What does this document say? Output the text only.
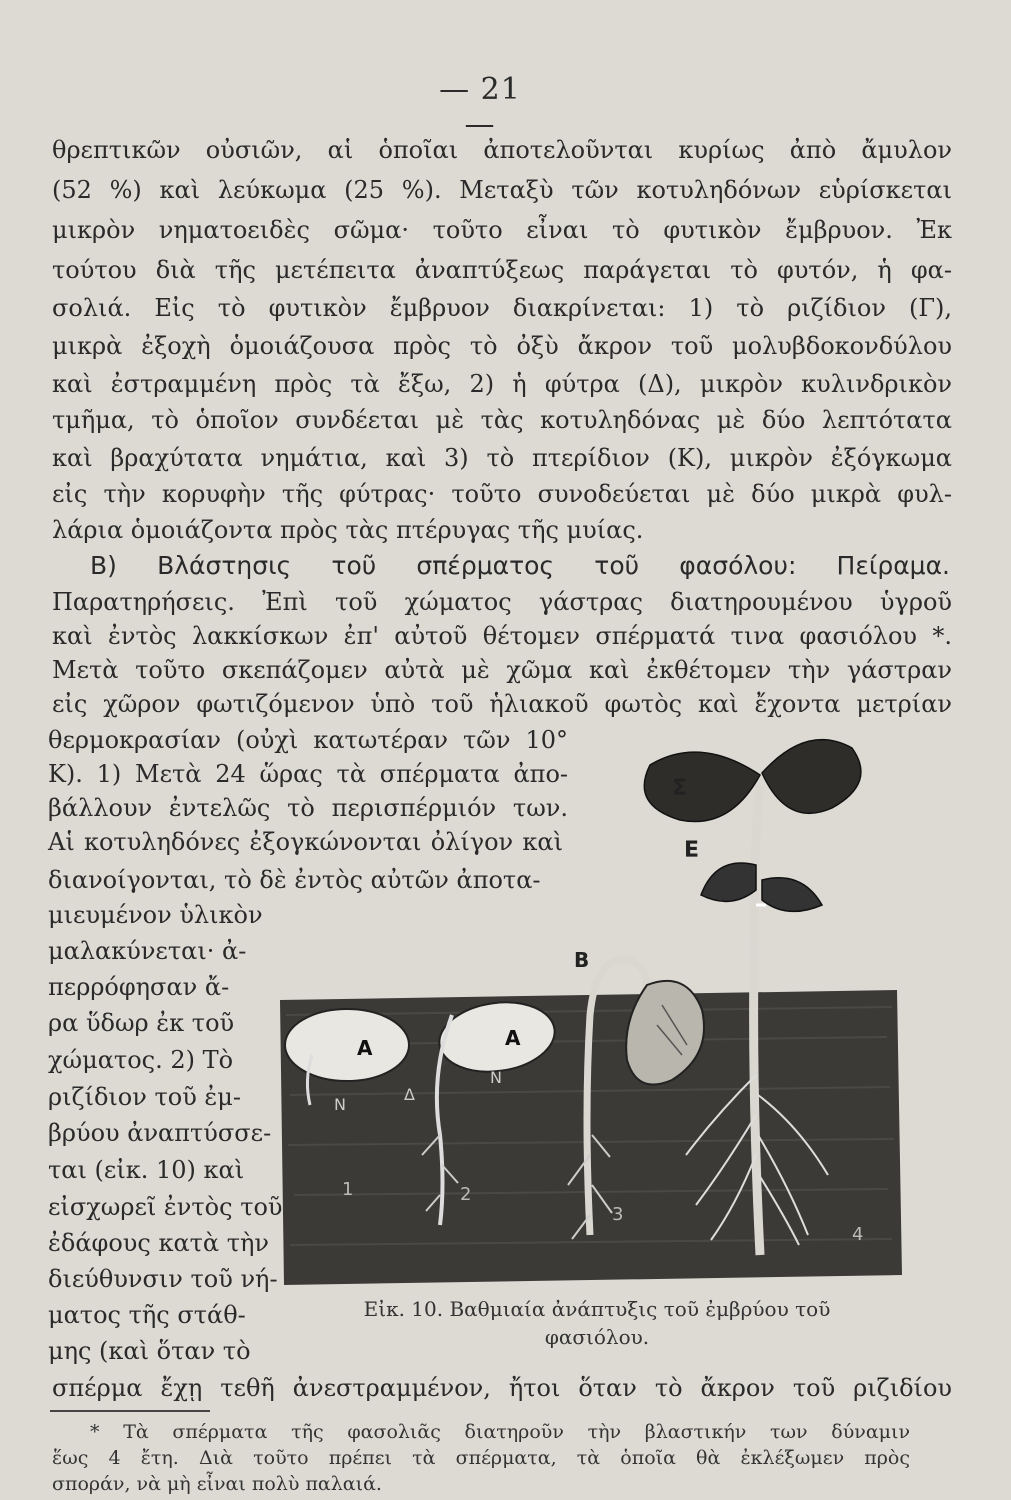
— 21 —
θρεπτικῶν οὐσιῶν, αἱ ὁποῖαι ἀποτελοῦνται κυρίως ἀπὸ ἄμυλον
(52 %) καὶ λεύκωμα (25 %). Μεταξὺ τῶν κοτυληδόνων εὑρίσκεται
μικρὸν νηματοειδὲς σῶμα· τοῦτο εἶναι τὸ φυτικὸν ἔμβρυον. Ἐκ
τούτου διὰ τῆς μετέπειτα ἀναπτύξεως παράγεται τὸ φυτόν, ἡ φα-
σολιά. Εἰς τὸ φυτικὸν ἔμβρυον διακρίνεται: 1) τὸ ριζίδιον (Γ),
μικρὰ ἐξοχὴ ὁμοιάζουσα πρὸς τὸ ὀξὺ ἄκρον τοῦ μολυβδοκονδύλου
καὶ ἐστραμμένη πρὸς τὰ ἔξω, 2) ἡ φύτρα (Δ), μικρὸν κυλινδρικὸν
τμῆμα, τὸ ὁποῖον συνδέεται μὲ τὰς κοτυληδόνας μὲ δύο λεπτότατα
καὶ βραχύτατα νημάτια, καὶ 3) τὸ πτερίδιον (Κ), μικρὸν ἐξόγκωμα
εἰς τὴν κορυφὴν τῆς φύτρας· τοῦτο συνοδεύεται μὲ δύο μικρὰ φυλ-
λάρια ὁμοιάζοντα πρὸς τὰς πτέρυγας τῆς μυίας.
Β) Βλάστησις τοῦ σπέρματος τοῦ φασόλου: Πείραμα.
Παρατηρήσεις. Ἐπὶ τοῦ χώματος γάστρας διατηρουμένου ὑγροῦ
καὶ ἐντὸς λακκίσκων ἐπ' αὐτοῦ θέτομεν σπέρματά τινα φασιόλου *.
Μετὰ τοῦτο σκεπάζομεν αὐτὰ μὲ χῶμα καὶ ἐκθέτομεν τὴν γάστραν
εἰς χῶρον φωτιζόμενον ὑπὸ τοῦ ἡλιακοῦ φωτὸς καὶ ἔχοντα μετρίαν
θερμοκρασίαν (οὐχὶ κατωτέραν τῶν 10°
Κ). 1) Μετὰ 24 ὥρας τὰ σπέρματα ἀπο-
βάλλουν ἐντελῶς τὸ περισπέρμιόν των.
Αἱ κοτυληδόνες ἐξογκώνονται ὀλίγον καὶ
διανοίγονται, τὸ δὲ ἐντὸς αὐτῶν ἀποτα-
μιευμένον ὑλικὸν
μαλακύνεται· ἀ-
περρόφησαν ἄ-
ρα ὕδωρ ἐκ τοῦ
χώματος. 2) Τὸ
ριζίδιον τοῦ ἐμ-
βρύου ἀναπτύσσε-
ται (εἰκ. 10) καὶ
εἰσχωρεῖ ἐντὸς τοῦ
ἐδάφους κατὰ τὴν
διεύθυνσιν τοῦ νή-
ματος τῆς στάθ-
μης (καὶ ὅταν τὸ
Α	Α
Σ
Ε
Β
Ν
Δ
Ν
1	2
3
4
Εἰκ. 10. Βαθμιαία ἀνάπτυξις τοῦ ἐμβρύου τοῦ
φασιόλου.
σπέρμα ἔχῃ τεθῆ ἀνεστραμμένον, ἤτοι ὅταν τὸ ἄκρον τοῦ ριζιδίου
* Τὰ σπέρματα τῆς φασολιᾶς διατηροῦν τὴν βλαστικήν των δύναμιν
ἕως 4 ἔτη. Διὰ τοῦτο πρέπει τὰ σπέρματα, τὰ ὁποῖα θὰ ἐκλέξωμεν πρὸς
σποράν, νὰ μὴ εἶναι πολὺ παλαιά.
